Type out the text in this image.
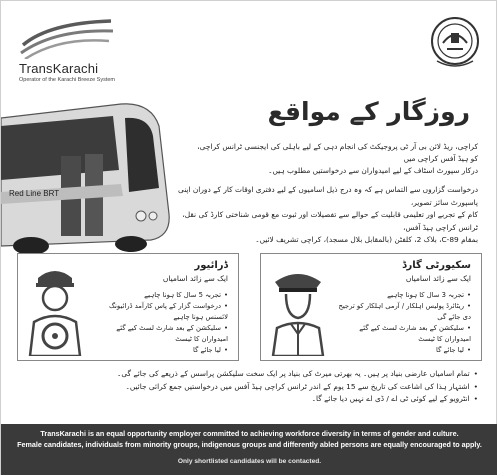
TransKarachi
Operator of the Karachi Breeze System
Red Line BRT
روزگار کے مواقع
کراچی، ریڈ لائن بی آر ٹی پروجیکٹ کی انجام دہی کے لیے باہلی کی ایجنسی ٹرانس کراچی، کو ہیڈ آفس کراچی میں
درکار سپورٹ اسٹاف کے لیے امیدواران سے درخواستیں مطلوب ہیں۔
درخواست گزاروں سے التماس ہے کہ وہ درج ذیل اسامیوں کے لیے دفتری اوقات کار کے دوران اپنی پاسپورٹ سائز تصویر،
کام کے تجربے اور تعلیمی قابلیت کے حوالے سے تفصیلات اور ثبوت مع قومی شناختی کارڈ کی نقل، ٹرانس کراچی ہیڈ آفس،
بمقام C-89، بلاک 2، کلفٹن (بالمقابل بلال مسجد)، کراچی تشریف لائیں۔
ڈرائیور
ایک سے زائد اسامیاں
• تجربہ 5 سال کا ہونا چاہیے
• درخواست گزار کے پاس کارآمد ڈرائیونگ لائسنس ہونا چاہیے
• سلیکشن کے بعد شارٹ لسٹ کیے گئے امیدواران کا ٹیسٹ
• لیا جائے گا
سکیورٹی گارڈ
ایک سے زائد اسامیاں
• تجربہ 3 سال کا ہونا چاہیے
• ریٹائرڈ پولیس اہلکار / آرمی اہلکار کو ترجیح دی جائے گی
• سلیکشن کے بعد شارٹ لسٹ کیے گئے امیدواران کا ٹیسٹ
• لیا جائے گا
• تمام اسامیاں عارضی بنیاد پر ہیں۔ یہ بھرتی میرٹ کی بنیاد پر ایک سخت سلیکشن پراسس کے ذریعے کی جائے گی۔
• اشتہار ہذا کی اشاعت کی تاریخ سے 15 یوم کے اندر ٹرانس کراچی ہیڈ آفس میں درخواستیں جمع کرائی جائیں۔
• انٹرویو کے لیے کوئی ٹی اے / ڈی اے نہیں دیا جائے گا۔
TransKarachi is an equal opportunity employer committed to achieving workforce diversity in terms of gender and culture.
Female candidates, individuals from minority groups, indigenous groups and differently abled persons are equally encouraged to apply.
Only shortlisted candidates will be contacted.
